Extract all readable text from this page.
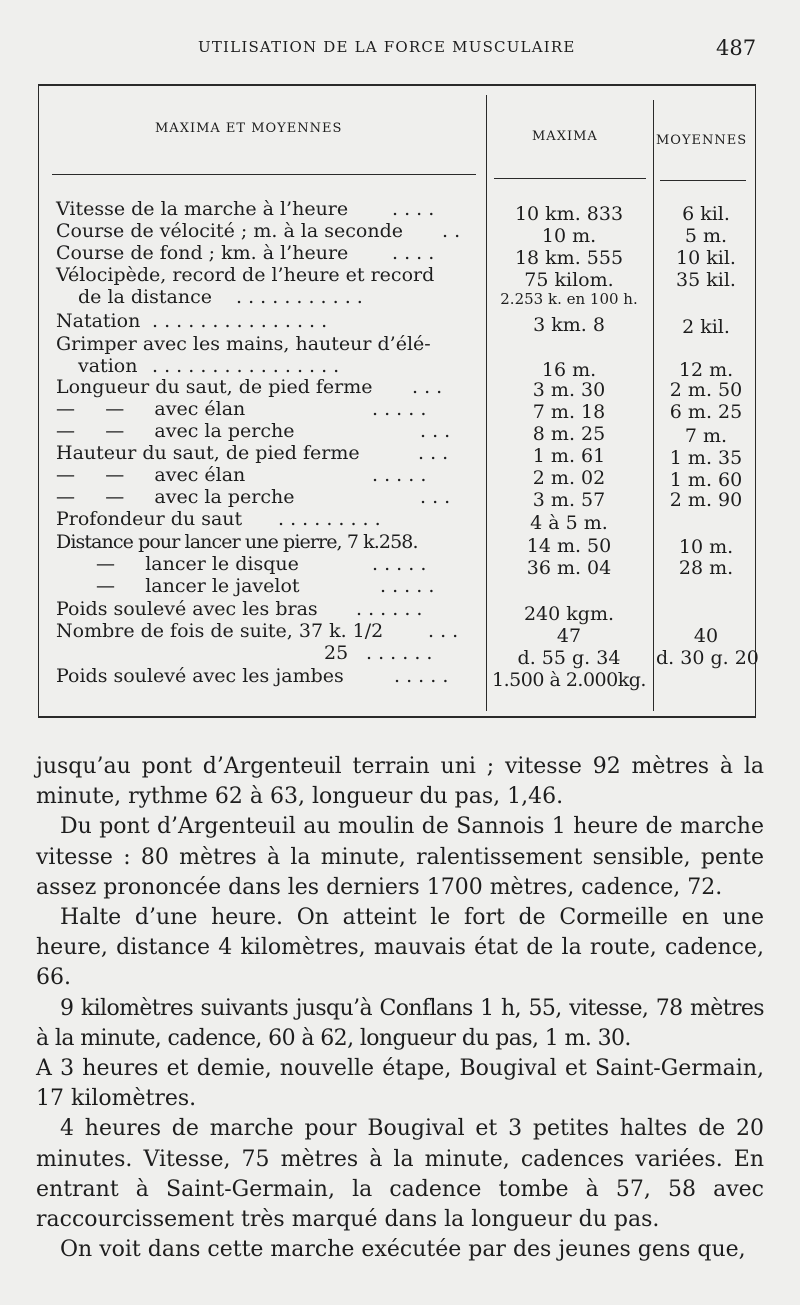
UTILISATION DE LA FORCE MUSCULAIRE	487
MAXIMA ET MOYENNES
MAXIMA	MOYENNES
Vitesse de la marche à l’heure . . . .	10 km. 833	6 kil.
Course de vélocité ; m. à la seconde . .	10 m.	5 m.
Course de fond ; km. à l’heure . . . .	18 km. 555	10 kil.
Vélocipède, record de l’heure et record	75 kilom.	35 kil.
de la distance . . . . . . . . . . .	2.253 k. en 100 h.
Natation . . . . . . . . . . . . . . .	3 km. 8	2 kil.
Grimper avec les mains, hauteur d’élé-
vation . . . . . . . . . . . . . . . .	16 m.	12 m.
Longueur du saut, de pied ferme . . .	3 m. 30	2 m. 50
—     —     avec élan	. . . . .	7 m. 18	6 m. 25
—     —     avec la perche	. . .	8 m. 25	7 m.
Hauteur du saut, de pied ferme	. . .	1 m. 61	1 m. 35
—     —     avec élan	. . . . .	2 m. 02	1 m. 60
—     —     avec la perche	. . .	3 m. 57	2 m. 90
Profondeur du saut . . . . . . . . .	4 à 5 m.
Distance pour lancer une pierre, 7 k.258.	14 m. 50	10 m.
—     lancer le disque	. . . . .	36 m. 04	28 m.
—     lancer le javelot	. . . . .
Poids soulevé avec les bras . . . . . .	240 kgm.
Nombre de fois de suite, 37 k. 1/2 . . .	47	40
25 . . . . . .	d. 55 g. 34	d. 30 g. 20
Poids soulevé avec les jambes	. . . . .	1.500 à 2.000kg.

jusqu’au pont d’Argenteuil terrain uni ; vitesse 92 mètres à la minute, rythme 62 à 63, longueur du pas, 1,46.

Du pont d’Argenteuil au moulin de Sannois 1 heure de marche vitesse : 80 mètres à la minute, ralentissement sensible, pente assez prononcée dans les derniers 1700 mètres, cadence, 72.

Halte d’une heure. On atteint le fort de Cormeille en une heure, distance 4 kilomètres, mauvais état de la route, cadence, 66.

9 kilomètres suivants jusqu’à Conflans 1 h, 55, vitesse, 78 mètres à la minute, cadence, 60 à 62, longueur du pas, 1 m. 30.

A 3 heures et demie, nouvelle étape, Bougival et Saint-Germain, 17 kilomètres.

4 heures de marche pour Bougival et 3 petites haltes de 20 minutes. Vitesse, 75 mètres à la minute, cadences variées. En entrant à Saint-Germain, la cadence tombe à 57, 58 avec raccourcissement très marqué dans la longueur du pas.

On voit dans cette marche exécutée par des jeunes gens que,
